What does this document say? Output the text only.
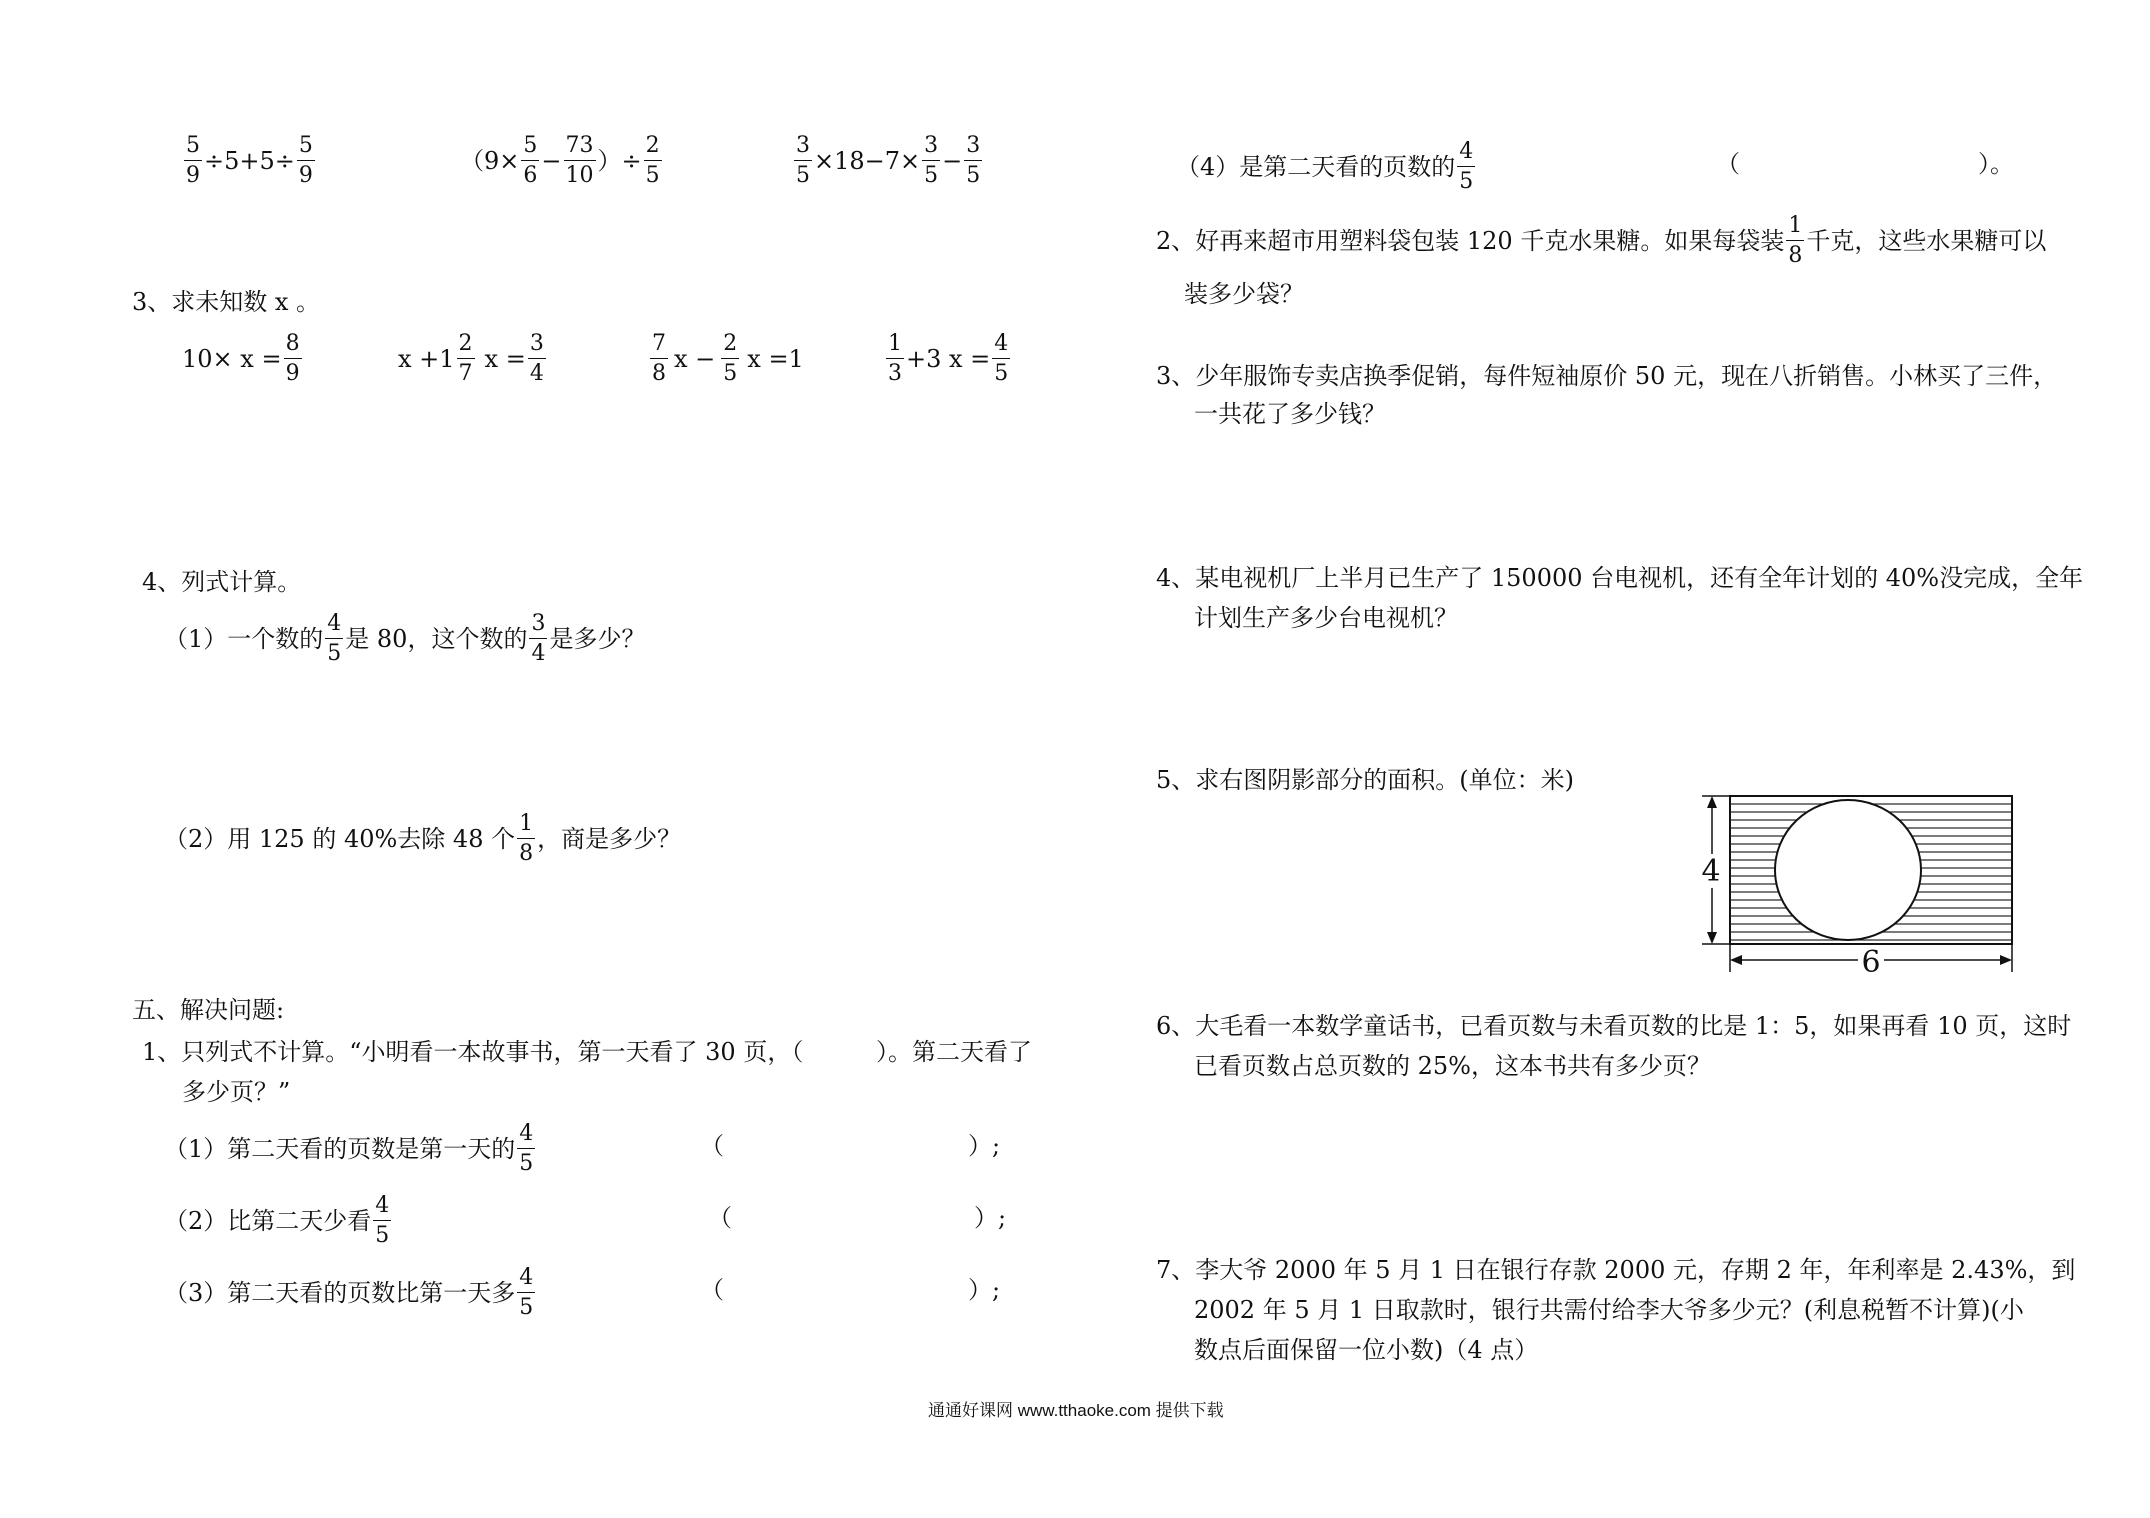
$\frac{5}{9} \div 5+5\div \frac{5}{9}$	（$9\times \frac{5}{6} - \frac{73}{10}$ ）÷ $\frac{2}{5}$	$\frac{3}{5} \times 18-7\times \frac{3}{5} - \frac{3}{5}$
3、求未知数 x 。
$10\times x = \frac{8}{9}$	$x +1 \frac{2}{7}$ $x = \frac{3}{4}$	$\frac{7}{8}$ $x - \frac{2}{5}$ x =1	$\frac{1}{3} +3$ $x = \frac{4}{5}$
4、列式计算。
（1）一个数的 $\frac{4}{5}$ 是 80，这个数的 $\frac{3}{4}$ 是多少？
（2）用 125 的 40%去除 48 个 $\frac{1}{8}$ ，商是多少？
五、解决问题:
1、只列式不计算。“小明看一本故事书，第一天看了 30 页，（	）。第二天看了
多少页？”
（1）第二天看的页数是第一天的 $\frac{4}{5}$	（	）;
（2）比第二天少看 $\frac{4}{5}$	（	）;
（3）第二天看的页数比第一天多 $\frac{4}{5}$	（	）;
（4）是第二天看的页数的 $\frac{4}{5}$	（	）。
2、好再来超市用塑料袋包装 120 千克水果糖。如果每袋装 $\frac{1}{8}$ 千克，这些水果糖可以
装多少袋？
3、少年服饰专卖店换季促销，每件短袖原价 50 元，现在八折销售。小林买了三件，
一共花了多少钱？
4、某电视机厂上半月已生产了 150000 台电视机，还有全年计划的 40%没完成，全年
计划生产多少台电视机？
5、求右图阴影部分的面积。(单位：米)
4
6
6、大毛看一本数学童话书，已看页数与未看页数的比是 1：5，如果再看 10 页，这时
已看页数占总页数的 25%，这本书共有多少页？
7、李大爷 2000 年 5 月 1 日在银行存款 2000 元，存期 2 年，年利率是 2.43%，到
2002 年 5 月 1 日取款时，银行共需付给李大爷多少元？(利息税暂不计算)(小
数点后面保留一位小数)（4 点）
通通好课网 www.tthaoke.com 提供下载
